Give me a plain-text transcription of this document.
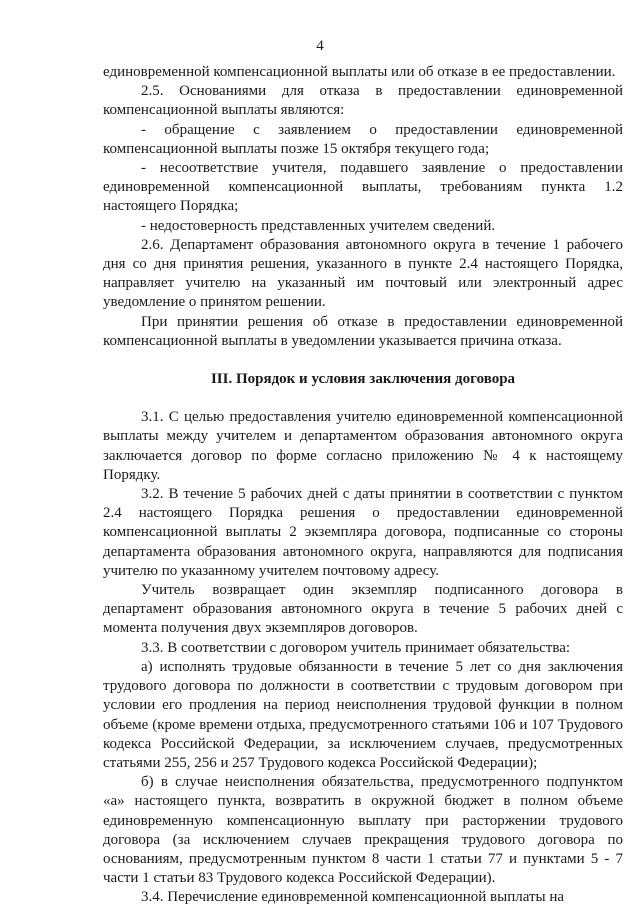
4

единовременной компенсационной выплаты или об отказе в ее предоставлении.

2.5. Основаниями для отказа в предоставлении единовременной компенсационной выплаты являются:

- обращение с заявлением о предоставлении единовременной компенсационной выплаты позже 15 октября текущего года;

- несоответствие учителя, подавшего заявление о предоставлении единовременной компенсационной выплаты, требованиям пункта 1.2 настоящего Порядка;

- недостоверность представленных учителем сведений.

2.6. Департамент образования автономного округа в течение 1 рабочего дня со дня принятия решения, указанного в пункте 2.4 настоящего Порядка, направляет учителю на указанный им почтовый или электронный адрес уведомление о принятом решении.

При принятии решения об отказе в предоставлении единовременной компенсационной выплаты в уведомлении указывается причина отказа.

III. Порядок и условия заключения договора

3.1. С целью предоставления учителю единовременной компенсационной выплаты между учителем и департаментом образования автономного округа заключается договор по форме согласно приложению № 4 к настоящему Порядку.

3.2. В течение 5 рабочих дней с даты принятии в соответствии с пунктом 2.4 настоящего Порядка решения о предоставлении единовременной компенсационной выплаты 2 экземпляра договора, подписанные со стороны департамента образования автономного округа, направляются для подписания учителю по указанному учителем почтовому адресу.

Учитель возвращает один экземпляр подписанного договора в департамент образования автономного округа в течение 5 рабочих дней с момента получения двух экземпляров договоров.

3.3. В соответствии с договором учитель принимает обязательства:

а) исполнять трудовые обязанности в течение 5 лет со дня заключения трудового договора по должности в соответствии с трудовым договором при условии его продления на период неисполнения трудовой функции в полном объеме (кроме времени отдыха, предусмотренного статьями 106 и 107 Трудового кодекса Российской Федерации, за исключением случаев, предусмотренных статьями 255, 256 и 257 Трудового кодекса Российской Федерации);

б) в случае неисполнения обязательства, предусмотренного подпунктом «а» настоящего пункта, возвратить в окружной бюджет в полном объеме единовременную компенсационную выплату при расторжении трудового договора (за исключением случаев прекращения трудового договора по основаниям, предусмотренным пунктом 8 части 1 статьи 77 и пунктами 5 - 7 части 1 статьи 83 Трудового кодекса Российской Федерации).

3.4. Перечисление единовременной компенсационной выплаты на
